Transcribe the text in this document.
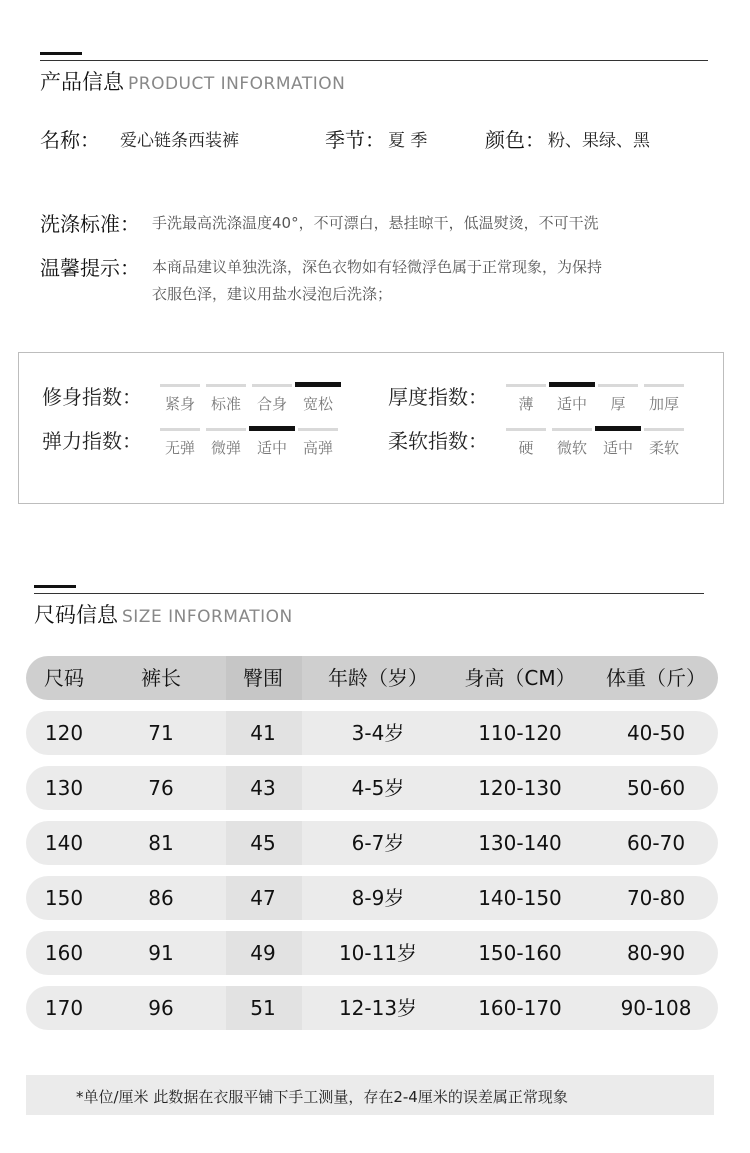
产品信息 PRODUCT INFORMATION
名称： 爱心链条西装裤	季节： 夏 季	颜色： 粉、果绿、黑
洗涤标准： 手洗最高洗涤温度40°，不可漂白，悬挂晾干，低温熨烫，不可干洗
温馨提示： 本商品建议单独洗涤，深色衣物如有轻微浮色属于正常现象，为保持
衣服色泽，建议用盐水浸泡后洗涤；
修身指数：	紧身	标准	合身	宽松	厚度指数：	薄	适中	厚	加厚
弹力指数：	无弹	微弹	适中	高弹	柔软指数：	硬	微软	适中	柔软
尺码信息 SIZE INFORMATION
尺码	裤长	臀围	年龄（岁）	身高（CM）	体重（斤）
120	71	41	3-4岁	110-120	40-50
130	76	43	4-5岁	120-130	50-60
140	81	45	6-7岁	130-140	60-70
150	86	47	8-9岁	140-150	70-80
160	91	49	10-11岁	150-160	80-90
170	96	51	12-13岁	160-170	90-108
*单位/厘米 此数据在衣服平铺下手工测量，存在2-4厘米的误差属正常现象
